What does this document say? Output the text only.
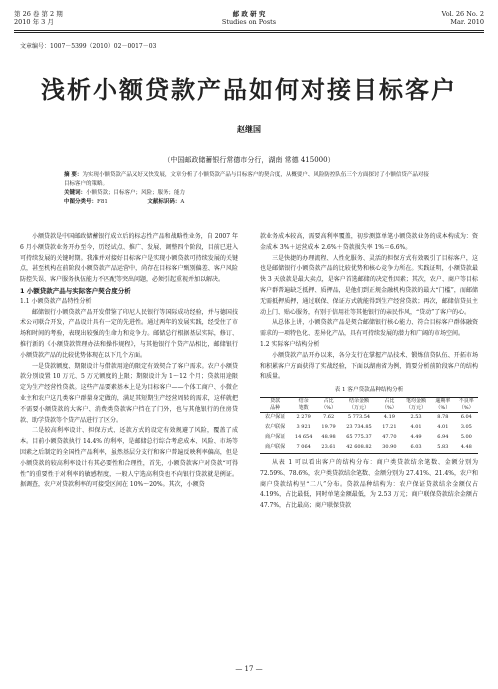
第 26 卷 第 2 期
2010 年 3 月
邮 政 研 究
Studies on Posts
Vol. 26 No. 2
Mar. 2010
文章编号：1007－5399（2010）02－0017－03
浅析小额贷款产品如何对接目标客户
赵继国
（中国邮政储蓄银行常德市分行，湖南 常德 415000）
摘 要：为实现小额贷款产品又好又快发展，文章分析了小额贷款产品与目标客户的契合度，从概要户、风险防控队伍三个方面探讨了小额信贷产品对接目标客户的策略。
关键词：小额贷款；目标客户；风险；服务；能力
中图分类号：F81	文献标识码：A

小额贷款是中国邮政储蓄银行成立后的标志性产品和战略性业务，自 2007 年 6 月小额贷款业务开办至今，历经试点、推广、发展、调整四个阶段，目前已进入可持续发展的关键时期。我准并对接好目标客户是实现小额贷款可持续发展的关键点，甚至机构在前阶段小额贷款产品运营中，尚存在目标客户甄别偏差、客户风险防控失误、客户服务执伍能力不匹配等突出问题，必须引起重视并加以解决。

1 小额贷款产品与实际客户契合度分析
1.1 小额贷款产品特性分析

邮储银行小额贷款产品开发借鉴了印尼人民银行等国际成功经验，并与德国技术公司联合开发，产品设计具有一定的先进性。通过两年的发展实践，经受住了市场和时间的考验，表现出较强的生命力和竞争力。邮储总行根据基层实际，修订、推行新的《小额贷款管理办法和操作规程》，与其他银行个贷产品相比，邮储银行小额贷款产品的比较优势体现在以下几个方面。

一是贷款额度、期限设计与借款用途的限定有效契合了客户需求。农户小额贷款分别设置 10 万元、5 万元额度的上限；期限设计为 1～12 个月；贷款用途限定为生产经营性贷款。这些产品要素基本上是为目标客户——个体工商户、小微企业主和农户这几类客户群量身定做的，满足其短期生产经营周转的需求，这样就把不需要小额贷款的大客户、消费类贷款客户挡在了门外，也与其他银行的住房贷款、助学贷款等个贷产品进行了区分。

二是较高利率设计、担保方式、还款方式的设定有效规避了风险，覆盖了成本。目前小额贷款执行 14.4% 的利率，是邮储总行综合考虑成本、风险、市场等因素之后制定的全国性产品利率，虽然基层分支行和客户普遍反映利率偏高，但是小额贷款的较高利率设计有其必要性和合理性，首先，小额贷款客户对贷款“可得性”的重要性于对利率的敏感程度，一般人宁选高利贷也不向银行贷款就是例证。据调查，农户对贷款利率的可接受区间在 10%～20%。其次，小额贷

款业务成本较高，需要高利率覆盖，初步测算单笔小额贷款业务的成本构成为：资金成本 3%＋运营成本 2.6%＋贷款损失率 1%＝6.6%。

三是快捷的办理流程、人性化服务、灵活的担保方式有效吸引了目标客户，这也是邮储银行小额贷款产品的比较优势和核心竞争力所在。实践证明，小额贷款最快 3 天放款是最大卖点，是客户首选邮储的决定性因素；其次，农户、商户等目标客户群普遍缺乏抵押、质押品，是他们到正规金融机构贷款的最大“门槛”，而邮储无需抵押质押，通过联保、保证方式就能得到生产经营贷款；再次，邮储信贷员主动上门、贴心服务，有别于信用社等其他银行的亲民作风，“贷动”了客户的心。

从总体上讲，小额贷款产品是契合邮储银行核心能力、符合目标客户群体融资需求的一项特色化、差异化产品，具有可持续发展的潜力和广阔的市场空间。

1.2 实际客户结构分析

小额贷款产品开办以来，各分支行在掌握产品技术、锻炼信贷队伍、开拓市场和积累客户方面获得了实战经验，下面以湖南省为例，简要分析前阶段客户的结构和质量。

表 1 客户贷款品种结构分析
贷款	结余	占比	结余金额	占比	笔均金额	逾期率	不良率
品种	笔数	（%）	（万元）	（%）	（万元）	（%）	（%）
农户保证	2 279	7.62	5 773.54	4.19	2.53	8.78	6.04
农户联保	3 921	19.79	23 734.85	17.21	4.01	4.01	3.05
商户保证	14 654	48.98	65 775.37	47.70	4.49	6.94	5.00
商户联保	7 064	23.61	42 608.82	30.90	6.03	5.83	4.48

从表 1 可以看出客户的结构分布：商户类贷款结余笔数、金额分别为 72.59%、78.6%，农户类贷款结余笔数、金额分别为 27.41%、21.4%，农户和商户贷款结构呈“二八”分布。贷款品种结构为：农户保证贷款结余金额仅占 4.19%，占比最低，同时单笔金额最低，为 2.53 万元；商户联保贷款结余金额占 47.7%，占比最高；商户联保贷款

— 17 —
